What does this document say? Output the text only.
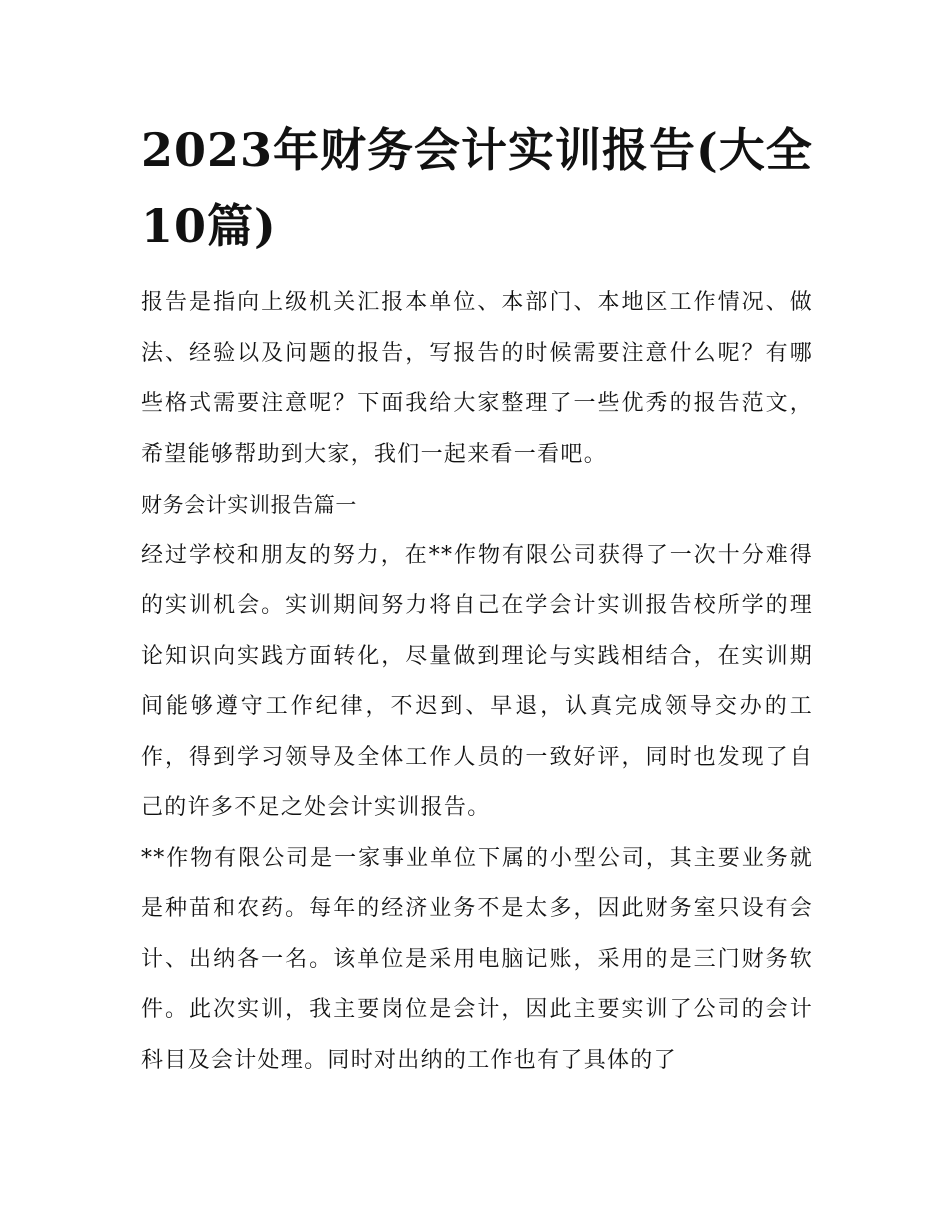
2023年财务会计实训报告(大全10篇)

报告是指向上级机关汇报本单位、本部门、本地区工作情况、做法、经验以及问题的报告，写报告的时候需要注意什么呢？有哪些格式需要注意呢？下面我给大家整理了一些优秀的报告范文，希望能够帮助到大家，我们一起来看一看吧。

财务会计实训报告篇一

经过学校和朋友的努力，在**作物有限公司获得了一次十分难得的实训机会。实训期间努力将自己在学会计实训报告校所学的理论知识向实践方面转化，尽量做到理论与实践相结合，在实训期间能够遵守工作纪律，不迟到、早退，认真完成领导交办的工作，得到学习领导及全体工作人员的一致好评，同时也发现了自己的许多不足之处会计实训报告。

**作物有限公司是一家事业单位下属的小型公司，其主要业务就是种苗和农药。每年的经济业务不是太多，因此财务室只设有会计、出纳各一名。该单位是采用电脑记账，采用的是三门财务软件。此次实训，我主要岗位是会计，因此主要实训了公司的会计科目及会计处理。同时对出纳的工作也有了具体的了
